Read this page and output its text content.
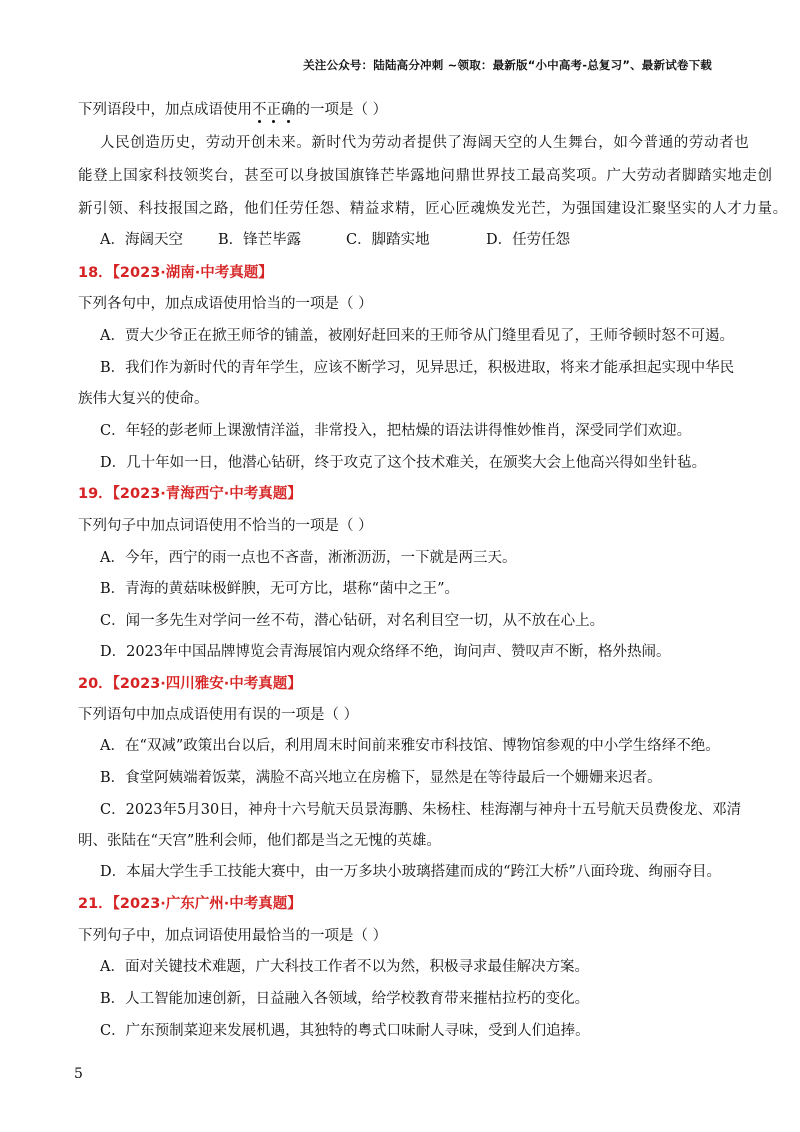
关注公众号：陆陆高分冲刺 ~领取：最新版“小中高考-总复习”、最新试卷下载
下列语段中，加点成语使用不正确的一项是（ ）
人民创造历史，劳动开创未来。新时代为劳动者提供了海阔天空的人生舞台，如今普通的劳动者也
能登上国家科技领奖台，甚至可以身披国旗锋芒毕露地问鼎世界技工最高奖项。广大劳动者脚踏实地走创
新引领、科技报国之路，他们任劳任怨、精益求精，匠心匠魂焕发光芒，为强国建设汇聚坚实的人才力量。
A．海阔天空 B．锋芒毕露	C．脚踏实地	D．任劳任怨
18．【2023·湖南·中考真题】
下列各句中，加点成语使用恰当的一项是（ ）
A．贾大少爷正在掀王师爷的铺盖，被刚好赶回来的王师爷从门缝里看见了，王师爷顿时怒不可遏。
B．我们作为新时代的青年学生，应该不断学习，见异思迁，积极进取，将来才能承担起实现中华民
族伟大复兴的使命。
C．年轻的彭老师上课激情洋溢，非常投入，把枯燥的语法讲得惟妙惟肖，深受同学们欢迎。
D．几十年如一日，他潜心钻研，终于攻克了这个技术难关，在颁奖大会上他高兴得如坐针毡。
19．【2023·青海西宁·中考真题】
下列句子中加点词语使用不恰当的一项是（ ）
A．今年，西宁的雨一点也不吝啬，淅淅沥沥，一下就是两三天。
B．青海的黄菇味极鲜腴，无可方比，堪称“菌中之王”。
C．闻一多先生对学问一丝不苟，潜心钻研，对名利目空一切，从不放在心上。
D．2023年中国品牌博览会青海展馆内观众络绎不绝，询问声、赞叹声不断，格外热闹。
20．【2023·四川雅安·中考真题】
下列语句中加点成语使用有误的一项是（ ）
A．在“双减”政策出台以后，利用周末时间前来雅安市科技馆、博物馆参观的中小学生络绎不绝。
B．食堂阿姨端着饭菜，满脸不高兴地立在房檐下，显然是在等待最后一个姗姗来迟者。
C．2023年5月30日，神舟十六号航天员景海鹏、朱杨柱、桂海潮与神舟十五号航天员费俊龙、邓清
明、张陆在“天宫”胜利会师，他们都是当之无愧的英雄。
D．本届大学生手工技能大赛中，由一万多块小玻璃搭建而成的“跨江大桥”八面玲珑、绚丽夺目。
21．【2023·广东广州·中考真题】
下列句子中，加点词语使用最恰当的一项是（ ）
A．面对关键技术难题，广大科技工作者不以为然，积极寻求最佳解决方案。
B．人工智能加速创新，日益融入各领域，给学校教育带来摧枯拉朽的变化。
C．广东预制菜迎来发展机遇，其独特的粤式口味耐人寻味，受到人们追捧。
5
